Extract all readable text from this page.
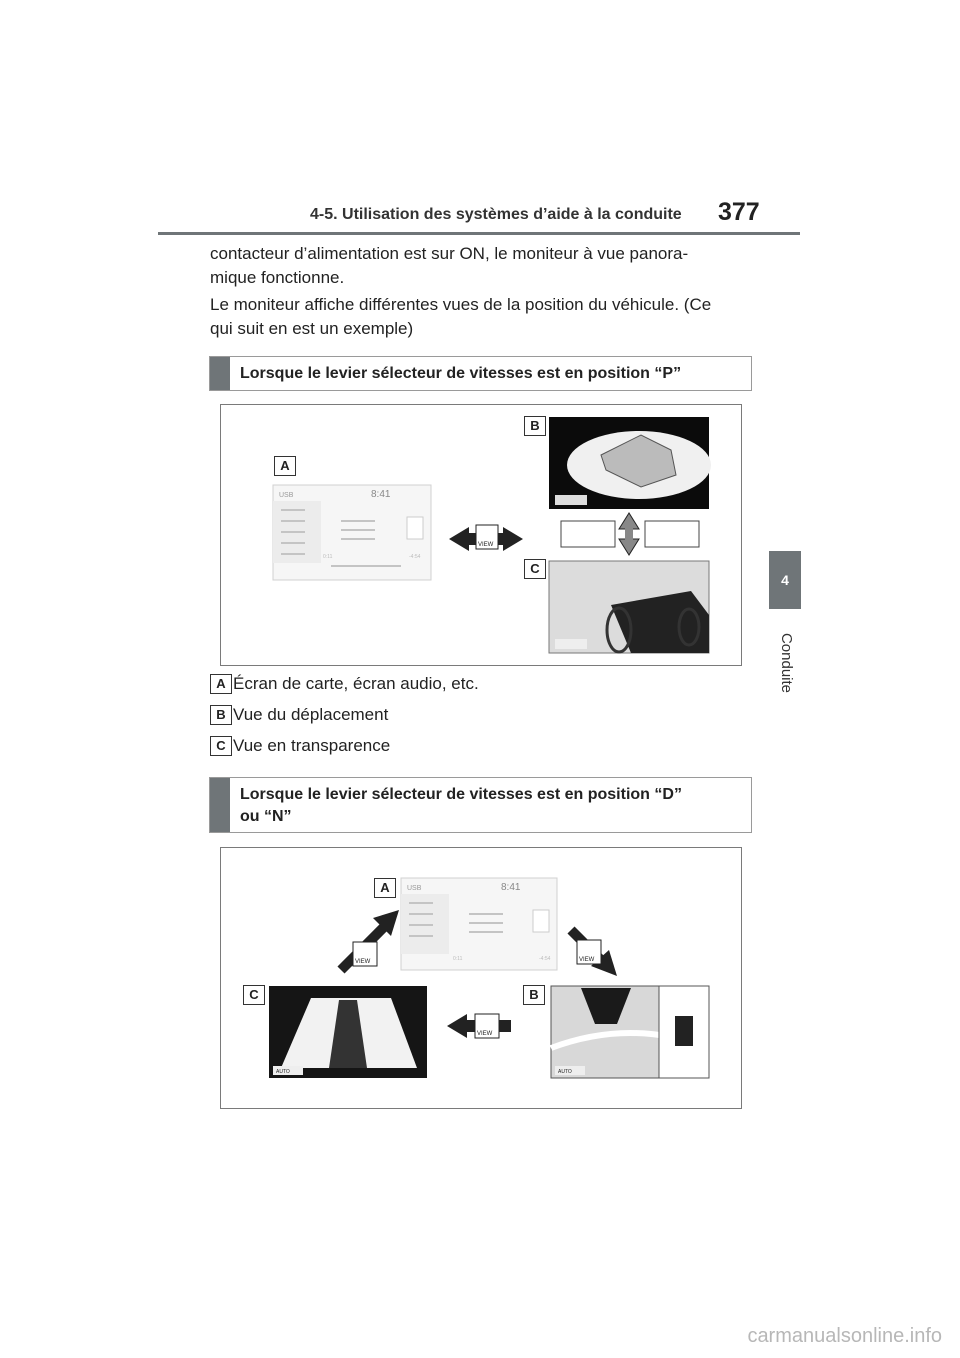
4-5. Utilisation des systèmes d’aide à la conduite 377
4
Conduite
contacteur d’alimentation est sur ON, le moniteur à vue panora-
mique fonctionne.
Le moniteur affiche différentes vues de la position du véhicule. (Ce
qui suit en est un exemple)
Lorsque le levier sélecteur de vitesses est en position “P”
USB	8:41
0:11	-4:54
VIEW
A
B
C
A Écran de carte, écran audio, etc.
B Vue du déplacement
C Vue en transparence
Lorsque le levier sélecteur de vitesses est en position “D”
ou “N”
USB	8:41
0:11	-4:54
VIEW	VIEW
AUTO
VIEW
AUTO
A
C	B
carmanualsonline.info
